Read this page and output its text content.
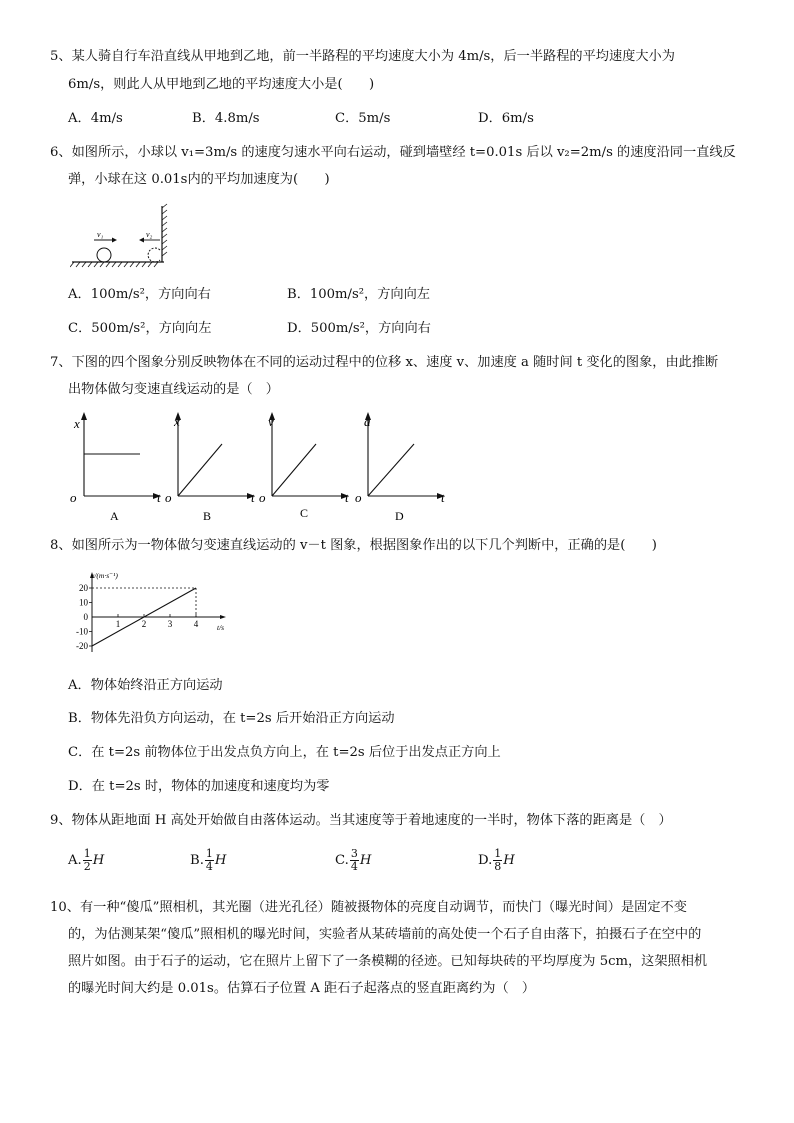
5、某人骑自行车沿直线从甲地到乙地，前一半路程的平均速度大小为 4m/s，后一半路程的平均速度大小为
6m/s，则此人从甲地到乙地的平均速度大小是(　　)
A．4m/s	B．4.8m/s	C．5m/s	D．6m/s
6、如图所示，小球以 v₁=3m/s 的速度匀速水平向右运动，碰到墙壁经 t=0.01s 后以 v₂=2m/s 的速度沿同一直线反
弹，小球在这 0.01s内的平均加速度为(　　)
v₁	v₂
A．100m/s²，方向向右	B．100m/s²，方向向左
C．500m/s²，方向向左	D．500m/s²，方向向右
7、下图的四个图象分别反映物体在不同的运动过程中的位移 x、速度 v、加速度 a 随时间 t 变化的图象，由此推断
出物体做匀变速直线运动的是（　）
x
o	t
A
x
o	t
B
v
o	t
C
a
o	t
D
8、如图所示为一物体做匀变速直线运动的 v－t 图象，根据图象作出的以下几个判断中，正确的是(　　)
v/(m·s⁻¹)
t/s
20
10
0
-10
-20
1 2 3 4
A．物体始终沿正方向运动
B．物体先沿负方向运动，在 t=2s 后开始沿正方向运动
C．在 t=2s 前物体位于出发点负方向上，在 t=2s 后位于出发点正方向上
D．在 t=2s 时，物体的加速度和速度均为零
9、物体从距地面 H 高处开始做自由落体运动。当其速度等于着地速度的一半时，物体下落的距离是（　）
A. $\frac{1}{2}$ H	B. $\frac{1}{4}$ H	C. $\frac{3}{4}$ H	D. $\frac{1}{8}$ H
10、有一种“傻瓜”照相机，其光圈（进光孔径）随被摄物体的亮度自动调节，而快门（曝光时间）是固定不变
的，为估测某架“傻瓜”照相机的曝光时间，实验者从某砖墙前的高处使一个石子自由落下，拍摄石子在空中的
照片如图。由于石子的运动，它在照片上留下了一条模糊的径迹。已知每块砖的平均厚度为 5cm，这架照相机
的曝光时间大约是 0.01s。估算石子位置 A 距石子起落点的竖直距离约为（　）
